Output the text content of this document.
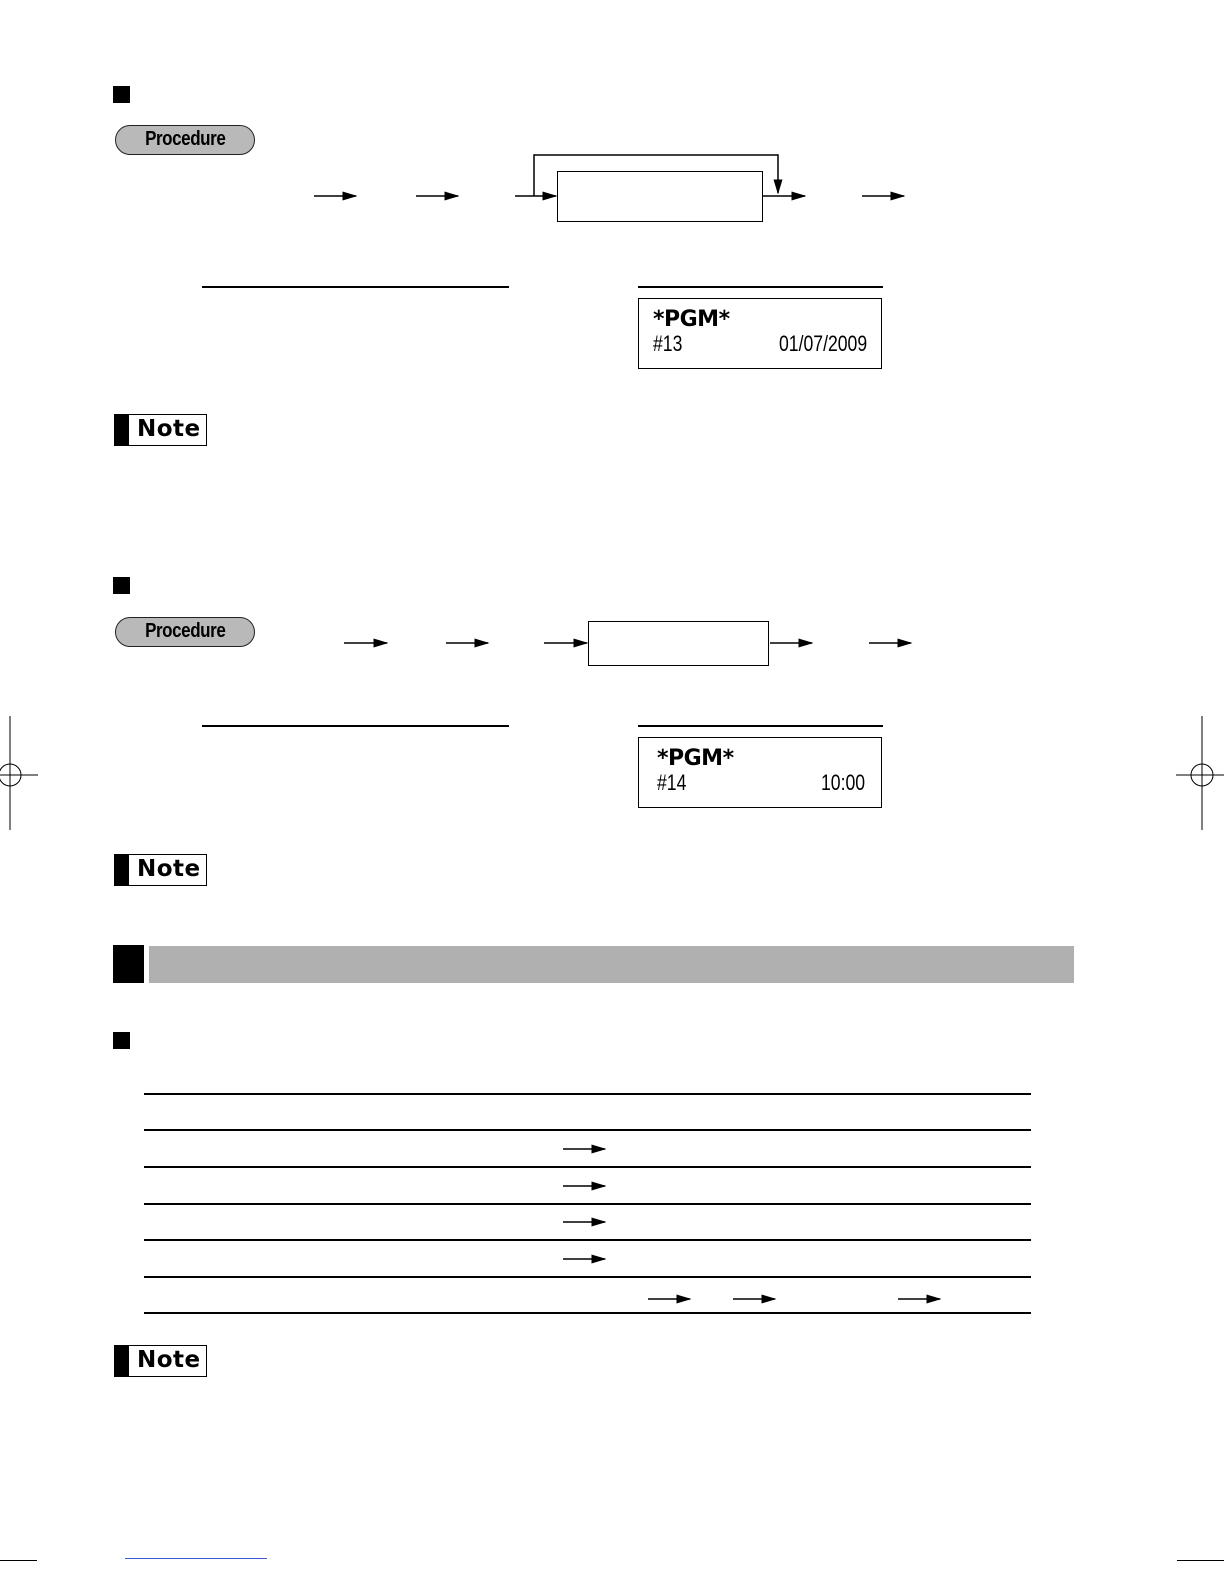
Procedure
*PGM*
#13	01/07/2009
Note
Procedure
*PGM*
#14	10:00
Note
Note
